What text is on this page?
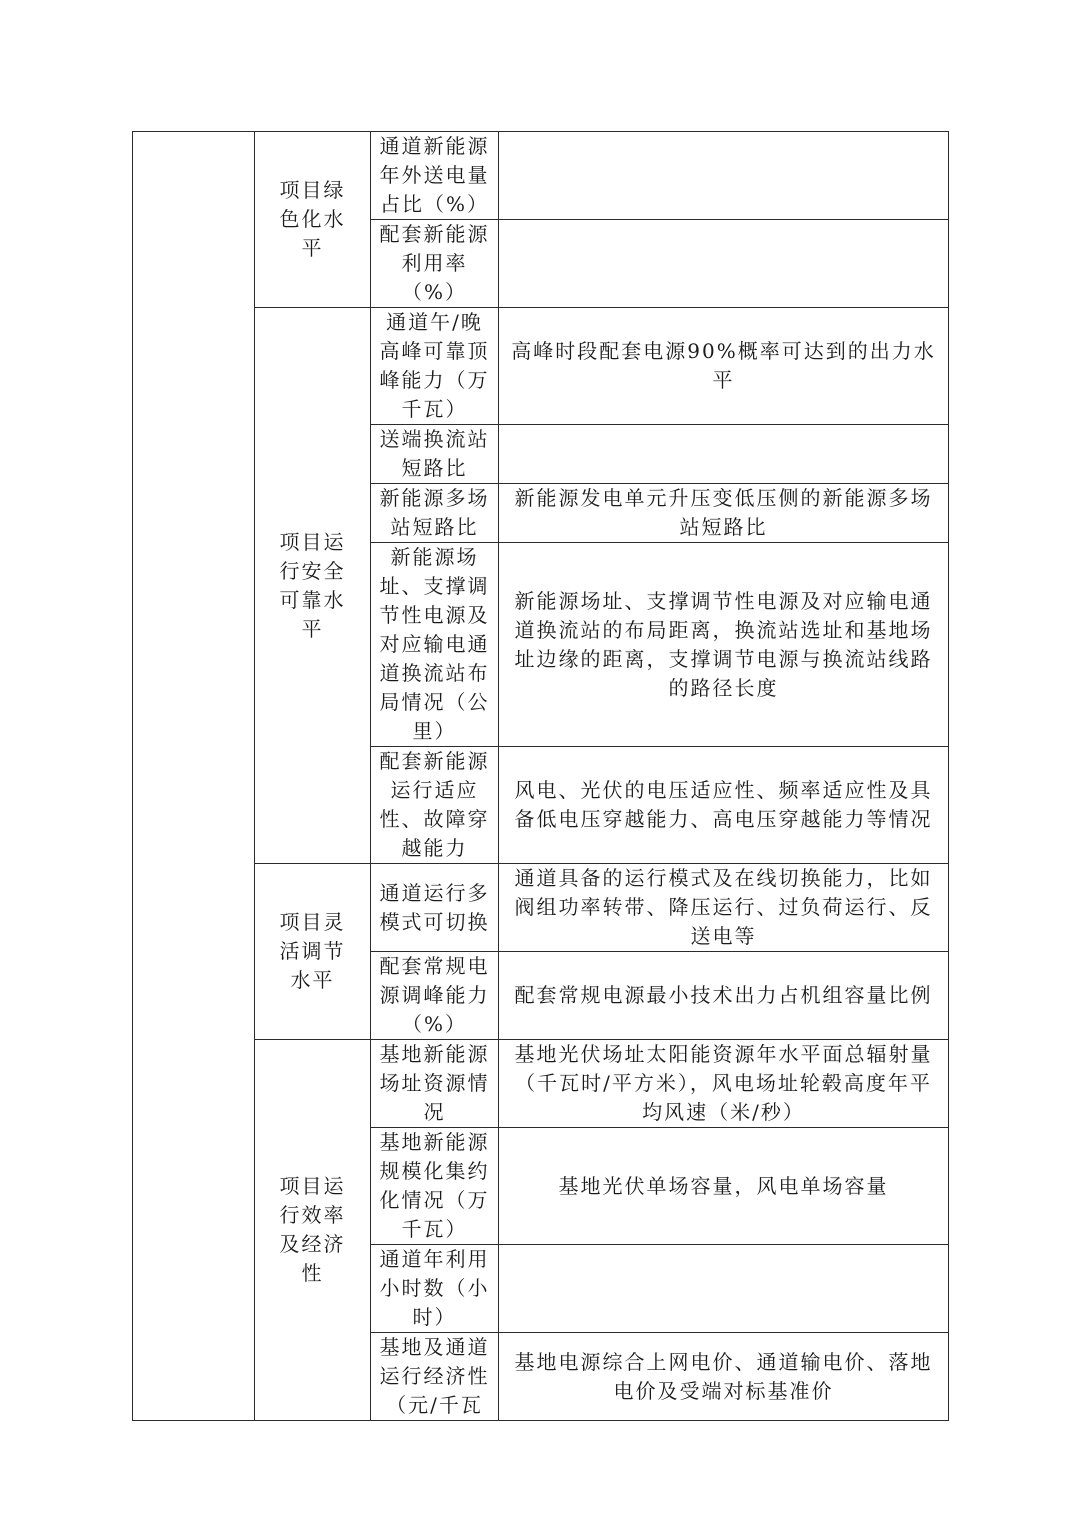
	项目绿色化水平	通道新能源年外送电量占比（%）	

		配套新能源利用率（%）	

	项目运行安全可靠水平	通道午/晚高峰可靠顶峰能力（万千瓦）	高峰时段配套电源90%概率可达到的出力水平

		送端换流站短路比	

		新能源多场站短路比	新能源发电单元升压变低压侧的新能源多场站短路比

		新能源场址、支撑调节性电源及对应输电通道换流站布局情况（公里）	新能源场址、支撑调节性电源及对应输电通道换流站的布局距离，换流站选址和基地场址边缘的距离，支撑调节电源与换流站线路的路径长度

		配套新能源运行适应性、故障穿越能力	风电、光伏的电压适应性、频率适应性及具备低电压穿越能力、高电压穿越能力等情况

	项目灵活调节水平	通道运行多模式可切换	通道具备的运行模式及在线切换能力，比如阀组功率转带、降压运行、过负荷运行、反送电等

		配套常规电源调峰能力（%）	配套常规电源最小技术出力占机组容量比例

	项目运行效率及经济性	基地新能源场址资源情况	基地光伏场址太阳能资源年水平面总辐射量（千瓦时/平方米），风电场址轮毂高度年平均风速（米/秒）

		基地新能源规模化集约化情况（万千瓦）	基地光伏单场容量，风电单场容量

		通道年利用小时数（小时）	

		基地及通道运行经济性（元/千瓦	基地电源综合上网电价、通道输电价、落地电价及受端对标基准价
